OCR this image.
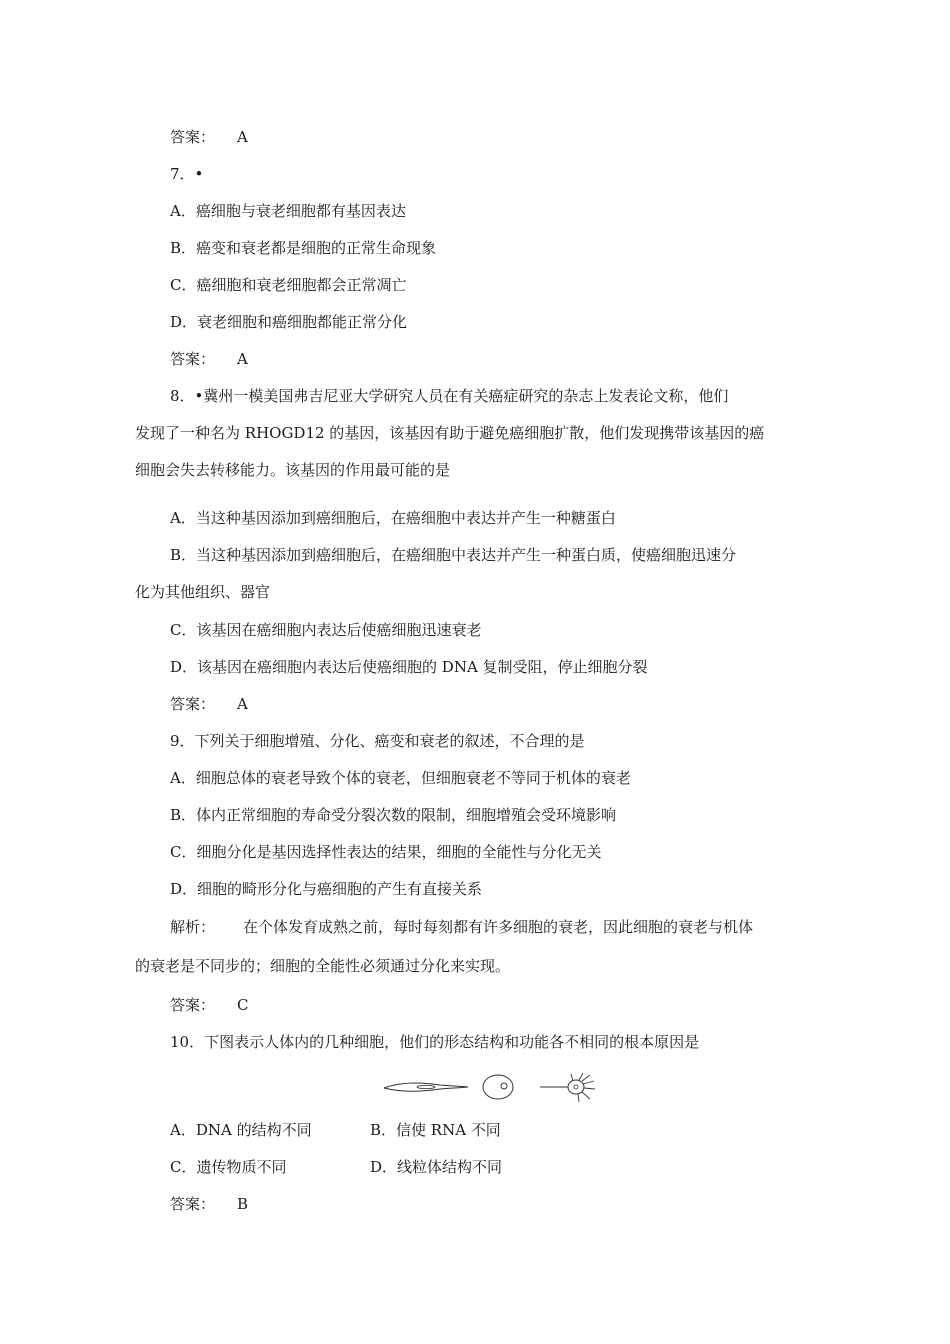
答案： A
7．•
A．癌细胞与衰老细胞都有基因表达
B．癌变和衰老都是细胞的正常生命现象
C．癌细胞和衰老细胞都会正常凋亡
D．衰老细胞和癌细胞都能正常分化
答案： A
8．•冀州一模美国弗吉尼亚大学研究人员在有关癌症研究的杂志上发表论文称，他们
发现了一种名为 RHOGD12 的基因，该基因有助于避免癌细胞扩散，他们发现携带该基因的癌
细胞会失去转移能力。该基因的作用最可能的是
A．当这种基因添加到癌细胞后，在癌细胞中表达并产生一种糖蛋白
B．当这种基因添加到癌细胞后，在癌细胞中表达并产生一种蛋白质，使癌细胞迅速分
化为其他组织、器官
C．该基因在癌细胞内表达后使癌细胞迅速衰老
D．该基因在癌细胞内表达后使癌细胞的 DNA 复制受阻，停止细胞分裂
答案： A
9．下列关于细胞增殖、分化、癌变和衰老的叙述，不合理的是
A．细胞总体的衰老导致个体的衰老，但细胞衰老不等同于机体的衰老
B．体内正常细胞的寿命受分裂次数的限制，细胞增殖会受环境影响
C．细胞分化是基因选择性表达的结果，细胞的全能性与分化无关
D．细胞的畸形分化与癌细胞的产生有直接关系
解析： 在个体发育成熟之前，每时每刻都有许多细胞的衰老，因此细胞的衰老与机体
的衰老是不同步的；细胞的全能性必须通过分化来实现。
答案： C
10．下图表示人体内的几种细胞，他们的形态结构和功能各不相同的根本原因是
A．DNA 的结构不同	B．信使 RNA 不同
C．遗传物质不同	D．线粒体结构不同
答案： B
